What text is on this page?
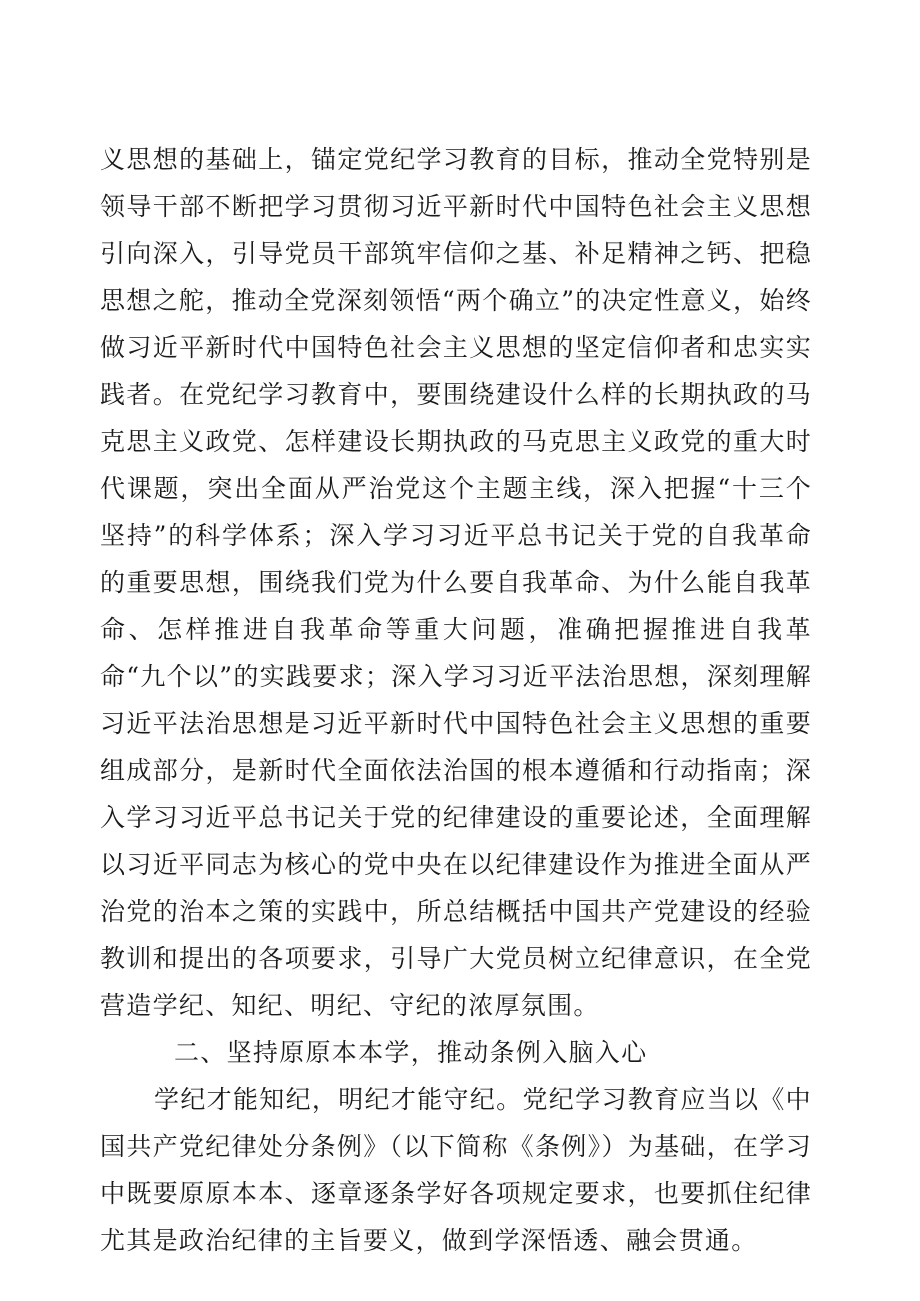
义思想的基础上，锚定党纪学习教育的目标，推动全党特别是领导干部不断把学习贯彻习近平新时代中国特色社会主义思想引向深入，引导党员干部筑牢信仰之基、补足精神之钙、把稳思想之舵，推动全党深刻领悟“两个确立”的决定性意义，始终做习近平新时代中国特色社会主义思想的坚定信仰者和忠实实践者。在党纪学习教育中，要围绕建设什么样的长期执政的马克思主义政党、怎样建设长期执政的马克思主义政党的重大时代课题，突出全面从严治党这个主题主线，深入把握“十三个坚持”的科学体系；深入学习习近平总书记关于党的自我革命的重要思想，围绕我们党为什么要自我革命、为什么能自我革命、怎样推进自我革命等重大问题，准确把握推进自我革命“九个以”的实践要求；深入学习习近平法治思想，深刻理解习近平法治思想是习近平新时代中国特色社会主义思想的重要组成部分，是新时代全面依法治国的根本遵循和行动指南；深入学习习近平总书记关于党的纪律建设的重要论述，全面理解以习近平同志为核心的党中央在以纪律建设作为推进全面从严治党的治本之策的实践中，所总结概括中国共产党建设的经验教训和提出的各项要求，引导广大党员树立纪律意识，在全党营造学纪、知纪、明纪、守纪的浓厚氛围。

二、坚持原原本本学，推动条例入脑入心

学纪才能知纪，明纪才能守纪。党纪学习教育应当以《中国共产党纪律处分条例》（以下简称《条例》）为基础，在学习中既要原原本本、逐章逐条学好各项规定要求，也要抓住纪律尤其是政治纪律的主旨要义，做到学深悟透、融会贯通。
